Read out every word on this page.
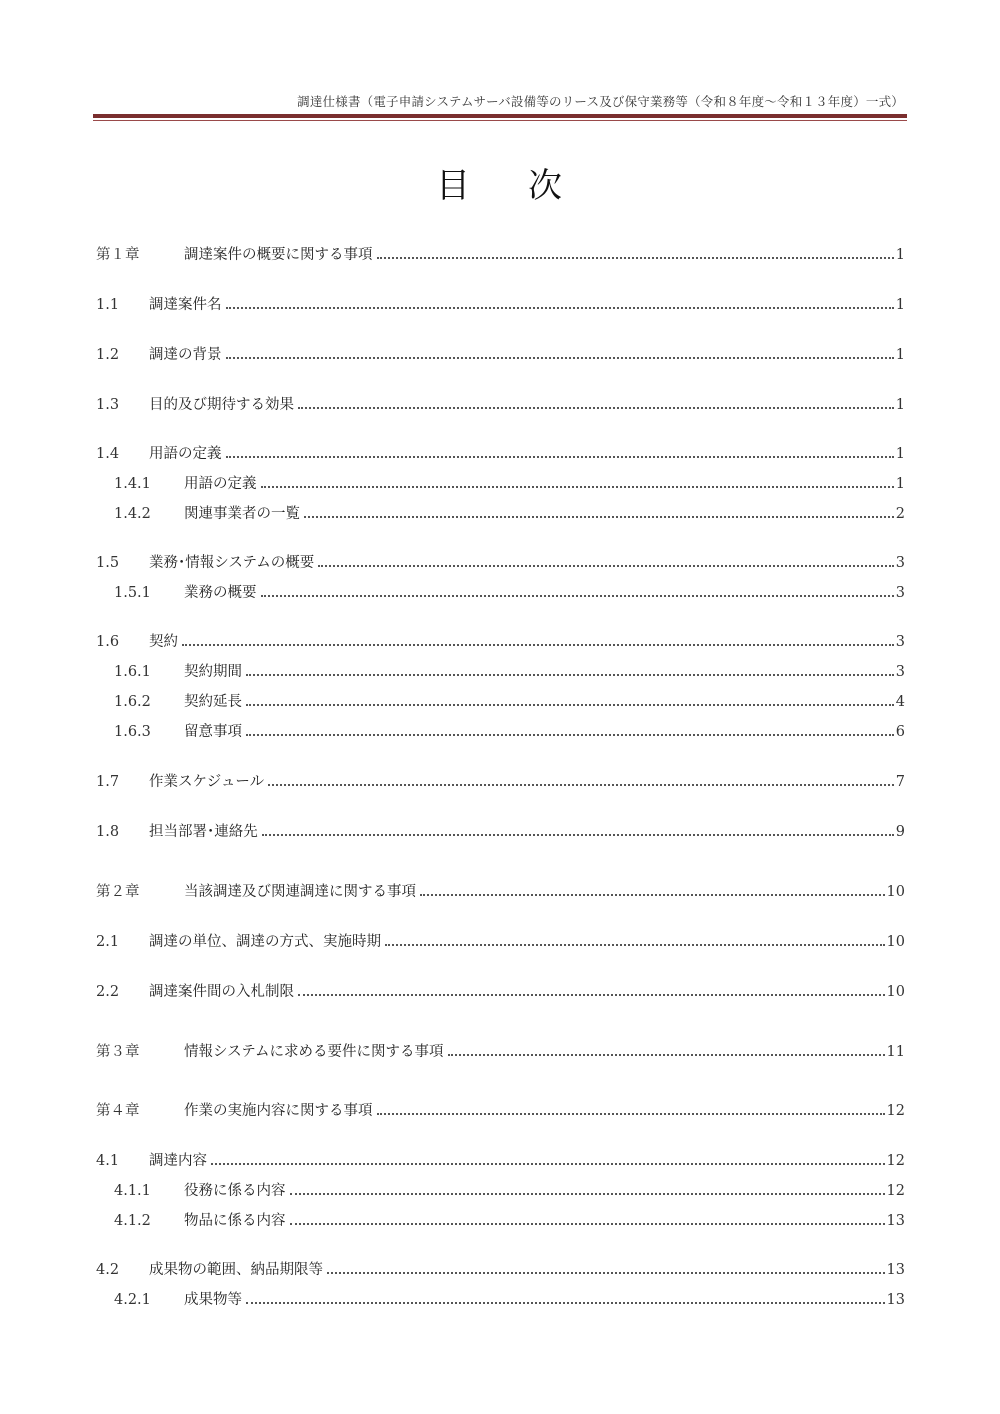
調達仕様書（電子申請システムサーバ設備等のリース及び保守業務等（令和８年度～令和１３年度）一式）
目 次
第１章	調達案件の概要に関する事項	1
1.1	調達案件名	1
1.2	調達の背景	1
1.3	目的及び期待する効果	1
1.4	用語の定義	1
1.4.1	用語の定義	1
1.4.2	関連事業者の一覧	2
1.5	業務･情報システムの概要	3
1.5.1	業務の概要	3
1.6	契約	3
1.6.1	契約期間	3
1.6.2	契約延長	4
1.6.3	留意事項	6
1.7	作業スケジュール	7
1.8	担当部署･連絡先	9
第２章	当該調達及び関連調達に関する事項	10
2.1	調達の単位、調達の方式、実施時期	10
2.2	調達案件間の入札制限	10
第３章	情報システムに求める要件に関する事項	11
第４章	作業の実施内容に関する事項	12
4.1	調達内容	12
4.1.1	役務に係る内容	12
4.1.2	物品に係る内容	13
4.2	成果物の範囲、納品期限等	13
4.2.1	成果物等	13
